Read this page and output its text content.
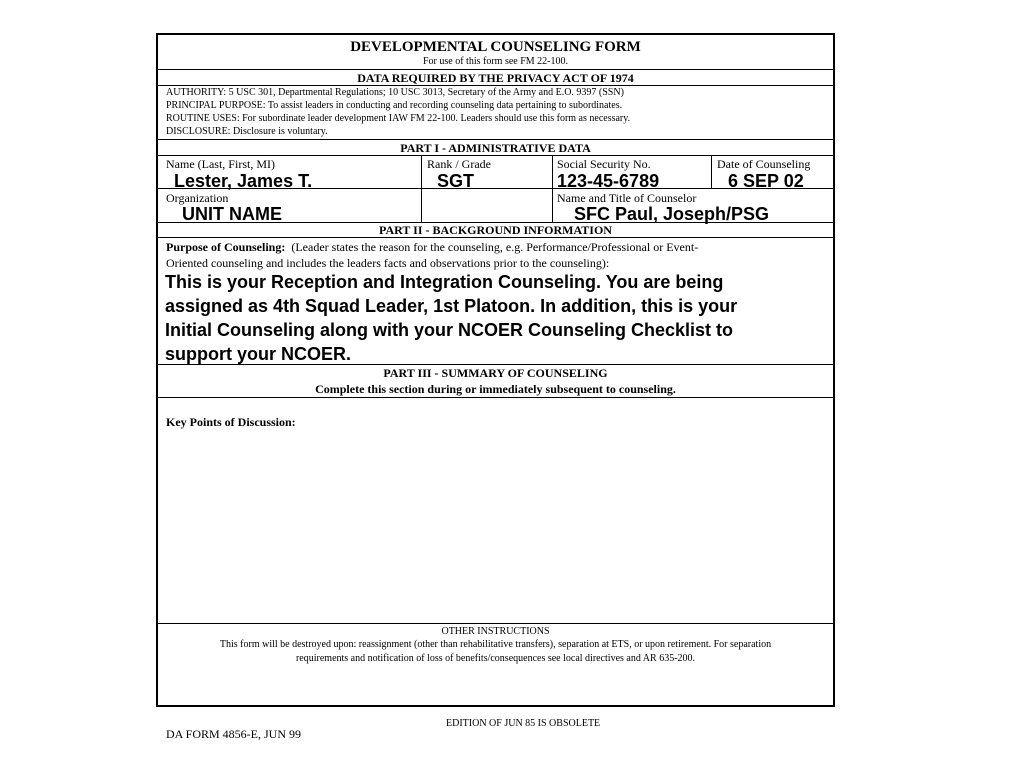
DEVELOPMENTAL COUNSELING FORM
For use of this form see FM 22-100.
DATA REQUIRED BY THE PRIVACY ACT OF 1974
AUTHORITY: 5 USC 301, Departmental Regulations; 10 USC 3013, Secretary of the Army and E.O. 9397 (SSN)
PRINCIPAL PURPOSE: To assist leaders in conducting and recording counseling data pertaining to subordinates.
ROUTINE USES: For subordinate leader development IAW FM 22-100. Leaders should use this form as necessary.
DISCLOSURE: Disclosure is voluntary.
PART I - ADMINISTRATIVE DATA
Name (Last, First, MI)
Lester, James T.
Rank / Grade
SGT
Social Security No.
123-45-6789
Date of Counseling
6 SEP 02
Organization
UNIT NAME
Name and Title of Counselor
SFC Paul, Joseph/PSG
PART II - BACKGROUND INFORMATION
Purpose of Counseling: (Leader states the reason for the counseling, e.g. Performance/Professional or Event-
Oriented counseling and includes the leaders facts and observations prior to the counseling):
This is your Reception and Integration Counseling. You are being
assigned as 4th Squad Leader, 1st Platoon. In addition, this is your
Initial Counseling along with your NCOER Counseling Checklist to
support your NCOER.
PART III - SUMMARY OF COUNSELING
Complete this section during or immediately subsequent to counseling.
Key Points of Discussion:
OTHER INSTRUCTIONS
This form will be destroyed upon: reassignment (other than rehabilitative transfers), separation at ETS, or upon retirement. For separation
requirements and notification of loss of benefits/consequences see local directives and AR 635-200.
EDITION OF JUN 85 IS OBSOLETE
DA FORM 4856-E, JUN 99
